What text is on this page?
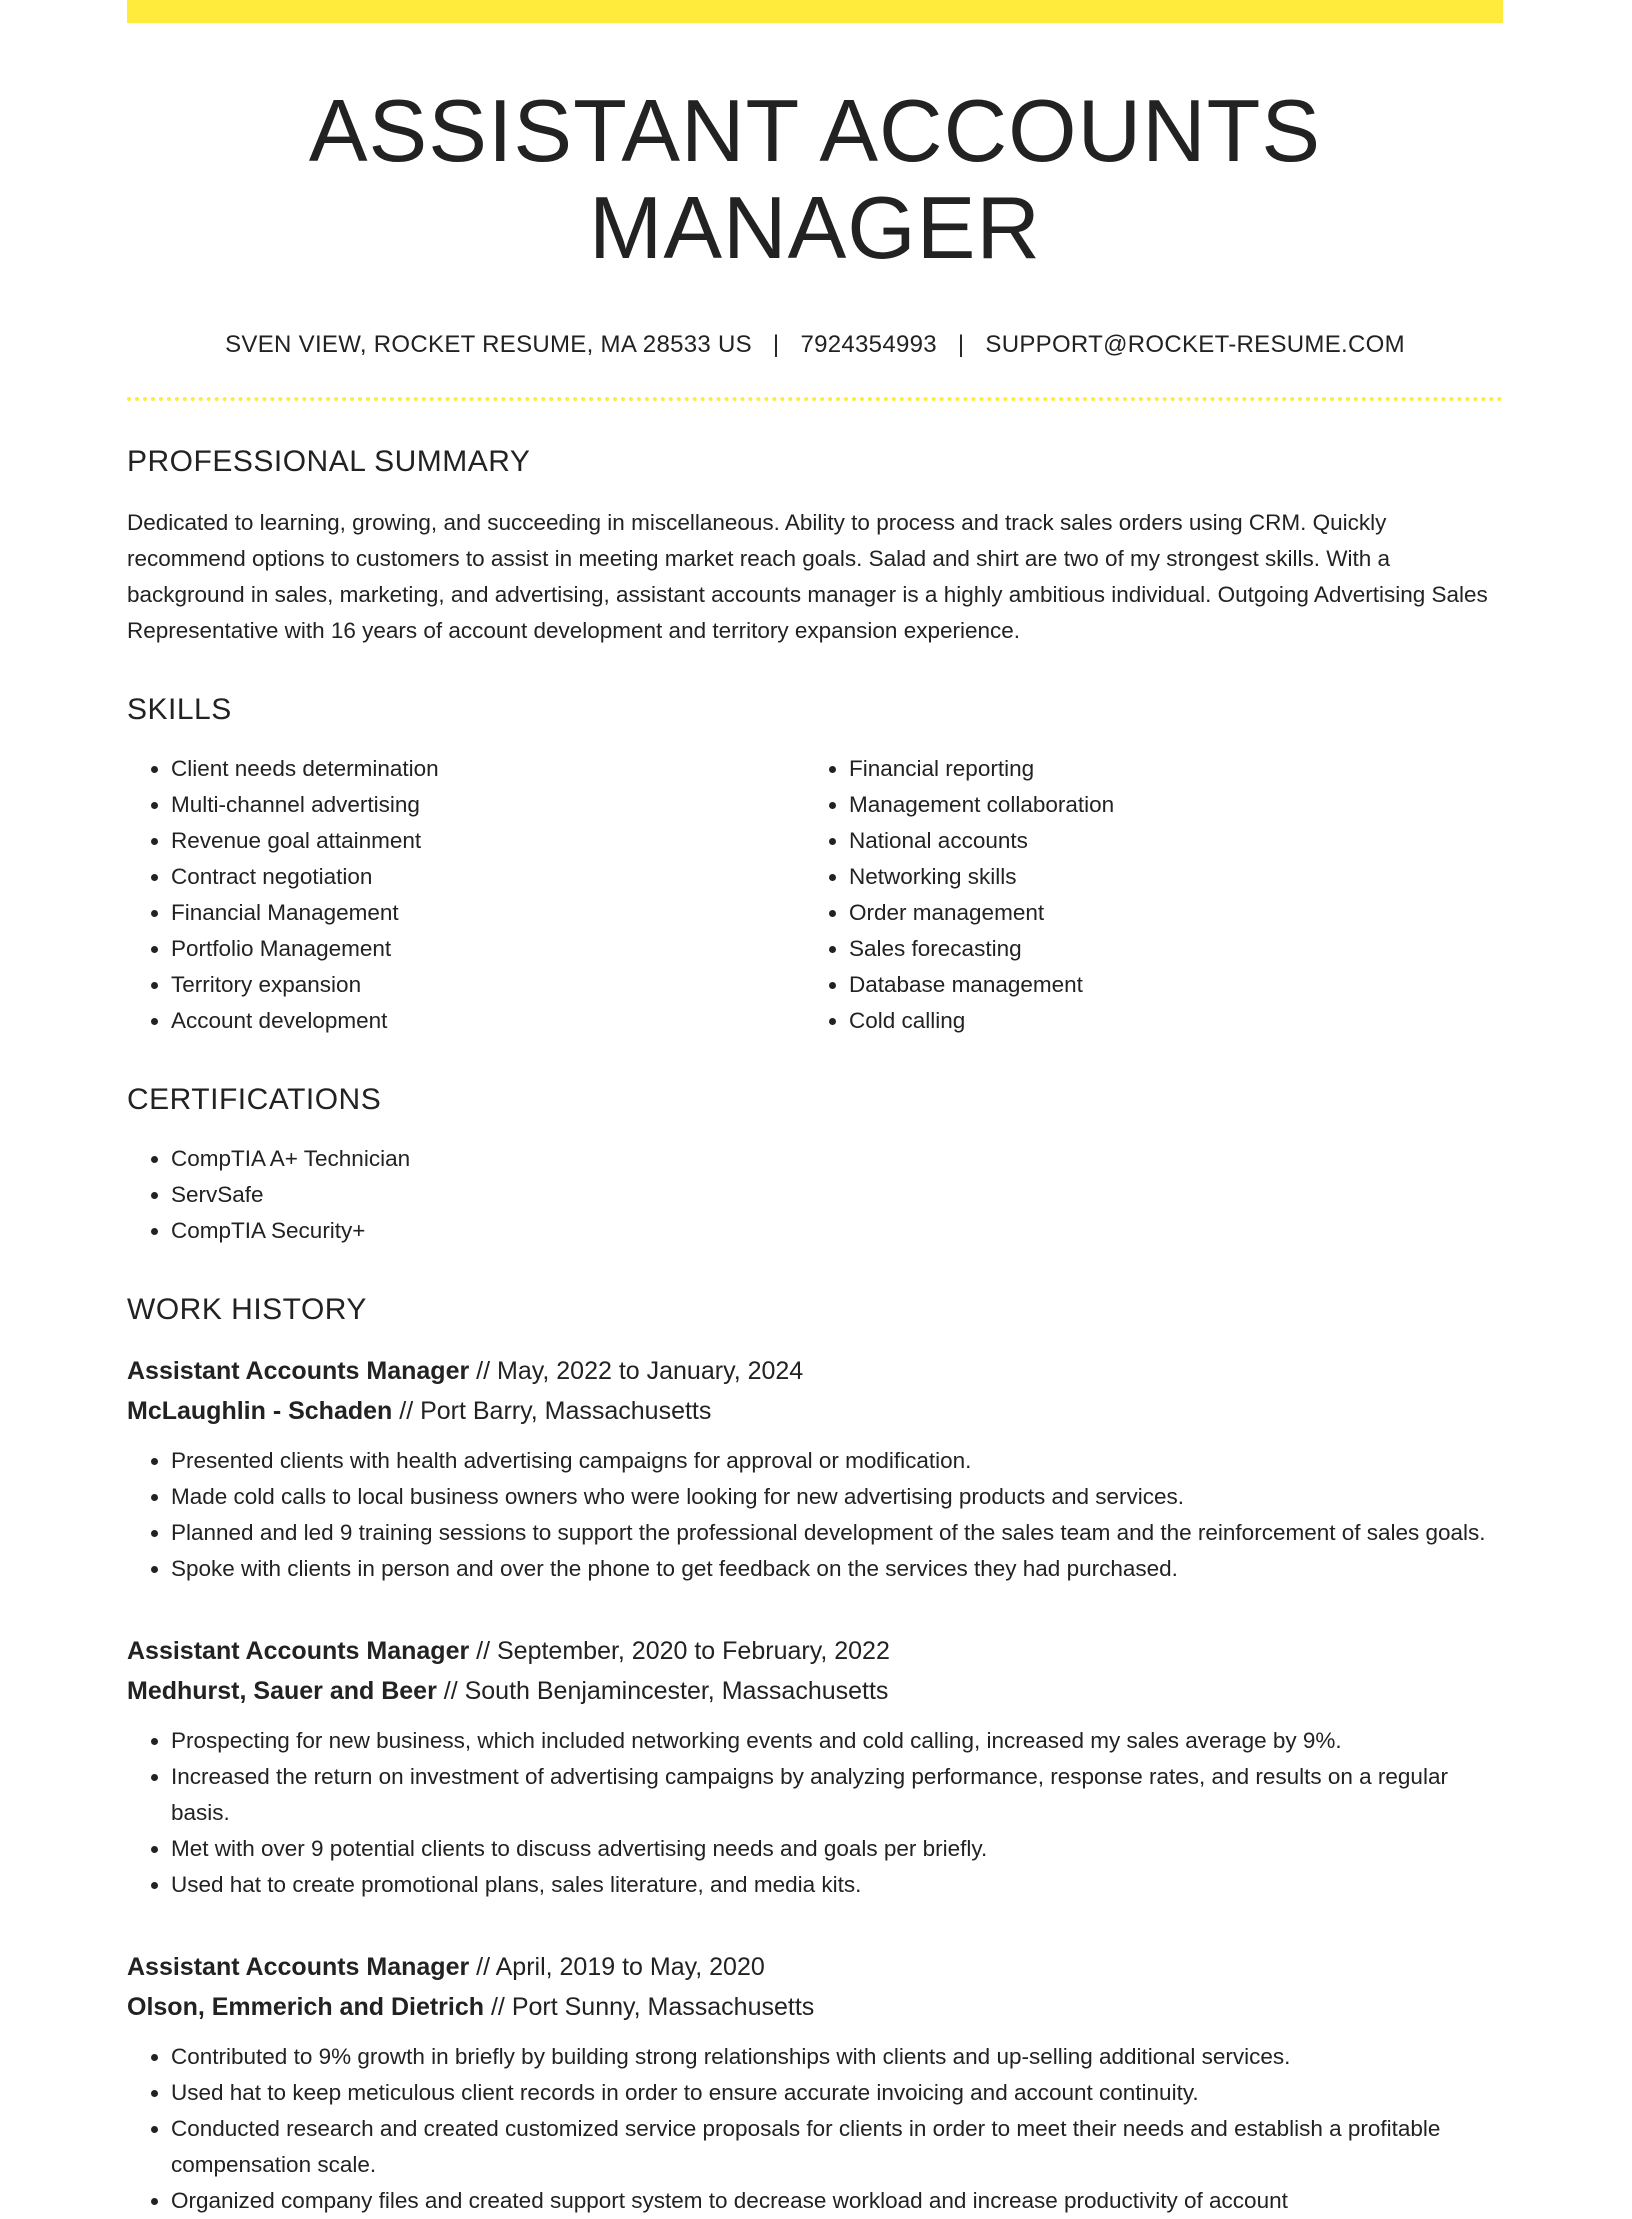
ASSISTANT ACCOUNTS MANAGER
SVEN VIEW, ROCKET RESUME, MA 28533 US | 7924354993 | SUPPORT@ROCKET-RESUME.COM
PROFESSIONAL SUMMARY

Dedicated to learning, growing, and succeeding in miscellaneous. Ability to process and track sales orders using CRM. Quickly recommend options to customers to assist in meeting market reach goals. Salad and shirt are two of my strongest skills. With a background in sales, marketing, and advertising, assistant accounts manager is a highly ambitious individual. Outgoing Advertising Sales Representative with 16 years of account development and territory expansion experience.

SKILLS
• Client needs determination
• Multi-channel advertising
• Revenue goal attainment
• Contract negotiation
• Financial Management
• Portfolio Management
• Territory expansion
• Account development
• Financial reporting
• Management collaboration
• National accounts
• Networking skills
• Order management
• Sales forecasting
• Database management
• Cold calling
CERTIFICATIONS
• CompTIA A+ Technician
• ServSafe
• CompTIA Security+
WORK HISTORY
Assistant Accounts Manager // May, 2022 to January, 2024
McLaughlin - Schaden // Port Barry, Massachusetts
• Presented clients with health advertising campaigns for approval or modification.
• Made cold calls to local business owners who were looking for new advertising products and services.
• Planned and led 9 training sessions to support the professional development of the sales team and the reinforcement of sales goals.
• Spoke with clients in person and over the phone to get feedback on the services they had purchased.
Assistant Accounts Manager // September, 2020 to February, 2022
Medhurst, Sauer and Beer // South Benjamincester, Massachusetts
• Prospecting for new business, which included networking events and cold calling, increased my sales average by 9%.
• Increased the return on investment of advertising campaigns by analyzing performance, response rates, and results on a regular basis.
• Met with over 9 potential clients to discuss advertising needs and goals per briefly.
• Used hat to create promotional plans, sales literature, and media kits.
Assistant Accounts Manager // April, 2019 to May, 2020
Olson, Emmerich and Dietrich // Port Sunny, Massachusetts
• Contributed to 9% growth in briefly by building strong relationships with clients and up-selling additional services.
• Used hat to keep meticulous client records in order to ensure accurate invoicing and account continuity.
• Conducted research and created customized service proposals for clients in order to meet their needs and establish a profitable compensation scale.
• Organized company files and created support system to decrease workload and increase productivity of account
